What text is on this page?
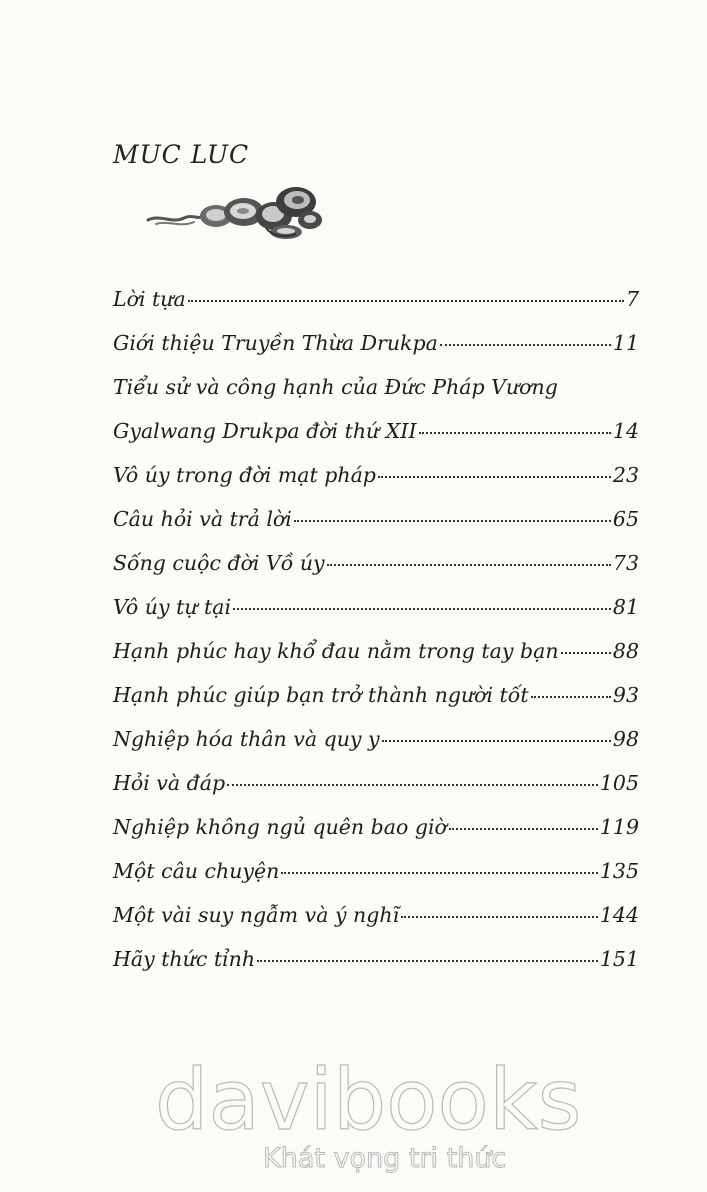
MUC LUC
Lời tựa	7
Giới thiệu Truyền Thừa Drukpa	11
Tiểu sử và công hạnh của Đức Pháp Vương
Gyalwang Drukpa đời thứ XII	14
Vô úy trong đời mạt pháp	23
Câu hỏi và trả lời	65
Sống cuộc đời Vồ úy	73
Vô úy tự tại	81
Hạnh phúc hay khổ đau nằm trong tay bạn	88
Hạnh phúc giúp bạn trở thành người tốt	93
Nghiệp hóa thân và quy y	98
Hỏi và đáp	105
Nghiệp không ngủ quên bao giờ	119
Một câu chuyện	135
Một vài suy ngẫm và ý nghĩ	144
Hãy thức tỉnh	151
davibooks
Khát vọng tri thức
